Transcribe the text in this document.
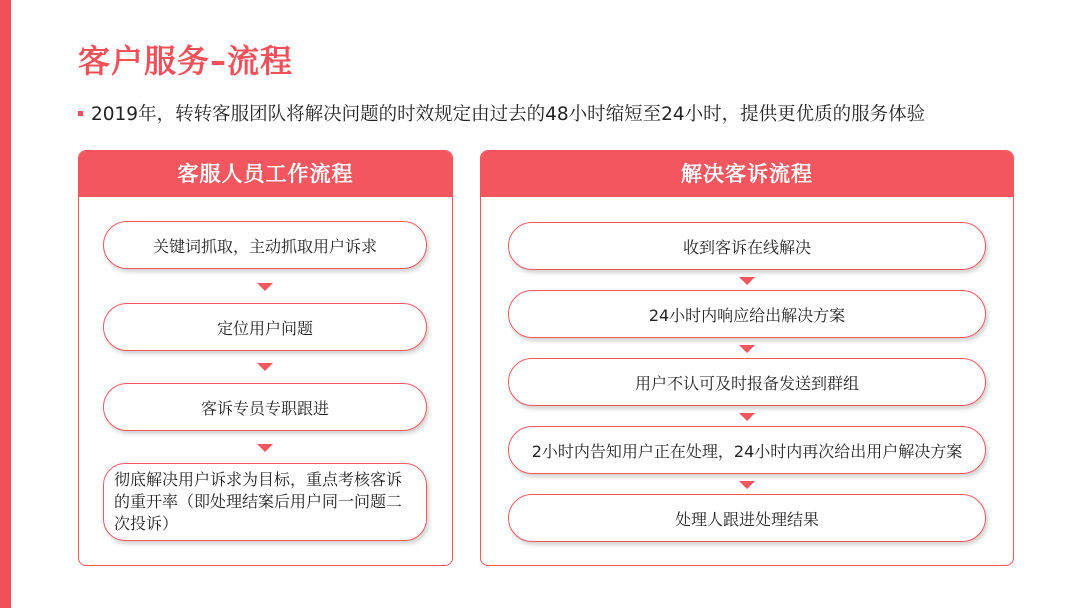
客户服务–流程
2019年，转转客服团队将解决问题的时效规定由过去的48小时缩短至24小时，提供更优质的服务体验
客服人员工作流程
关键词抓取，主动抓取用户诉求
定位用户问题
客诉专员专职跟进
彻底解决用户诉求为目标，重点考核客诉的重开率（即处理结案后用户同一问题二次投诉）
解决客诉流程
收到客诉在线解决
24小时内响应给出解决方案
用户不认可及时报备发送到群组
2小时内告知用户正在处理，24小时内再次给出用户解决方案
处理人跟进处理结果
